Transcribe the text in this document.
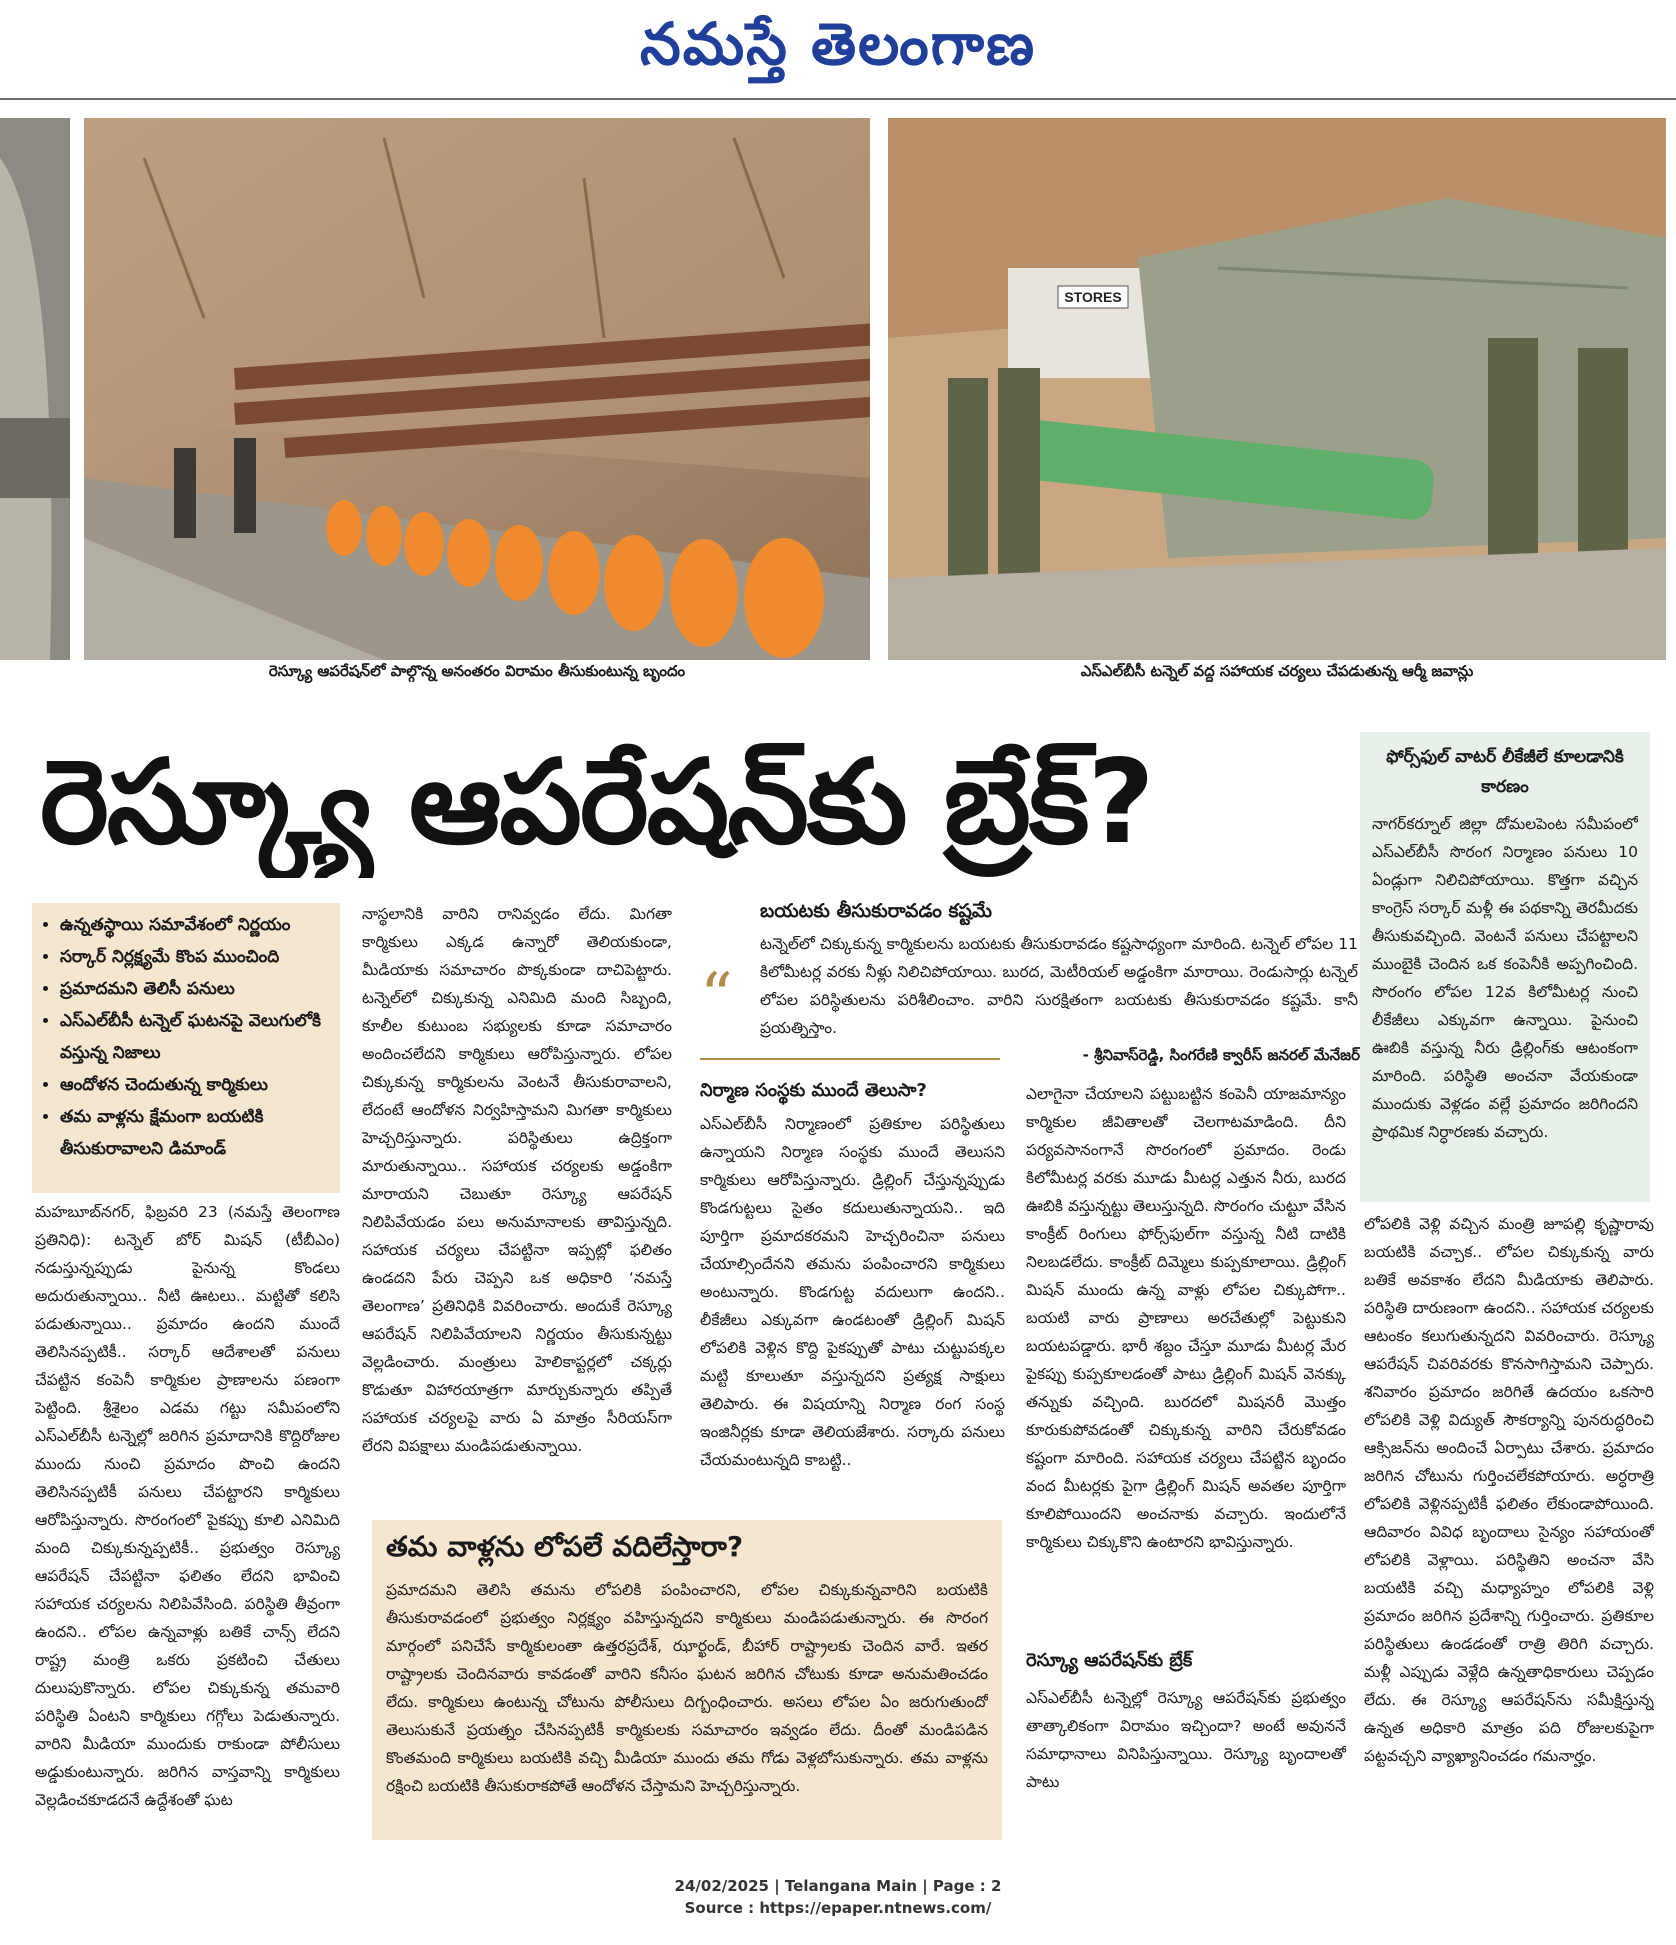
నమస్తే తెలంగాణ
STORES
రెస్క్యూ ఆపరేషన్‌లో పాల్గొన్న అనంతరం విరామం తీసుకుంటున్న బృందం	ఎస్‌ఎల్‌బీసీ టన్నెల్ వద్ద సహాయక చర్యలు చేపడుతున్న ఆర్మీ జవాన్లు
రెస్క్యూ ఆపరేషన్‌కు బ్రేక్?
• ఉన్నతస్థాయి సమావేశంలో నిర్ణయం
• సర్కార్ నిర్లక్ష్యమే కొంప ముంచింది
• ప్రమాదమని తెలిసీ పనులు
• ఎస్‌ఎల్‌బీసీ టన్నెల్ ఘటనపై వెలుగులోకి వస్తున్న నిజాలు
• ఆందోళన చెందుతున్న కార్మికులు
• తమ వాళ్లను క్షేమంగా బయటికి తీసుకురావాలని డిమాండ్

మహబూబ్‌నగర్, ఫిబ్రవరి 23 (నమస్తే తెలంగాణ ప్రతినిధి): టన్నెల్ బోర్ మిషన్ (టీబీఎం) నడుస్తున్నప్పుడు పైనున్న కొండలు అదురుతున్నాయి.. నీటి ఊటలు.. మట్టితో కలిసి పడుతున్నాయి.. ప్రమాదం ఉందని ముందే తెలిసినప్పటికీ.. సర్కార్ ఆదేశాలతో పనులు చేపట్టిన కంపెనీ కార్మికుల ప్రాణాలను పణంగా పెట్టింది. శ్రీశైలం ఎడమ గట్టు సమీపంలోని ఎస్‌ఎల్‌బీసీ టన్నెల్లో జరిగిన ప్రమాదానికి కొద్దిరోజుల ముందు నుంచి ప్రమాదం పొంచి ఉందని తెలిసినప్పటికీ పనులు చేపట్టారని కార్మికులు ఆరోపిస్తున్నారు. సొరంగంలో పైకప్పు కూలి ఎనిమిది మంది చిక్కుకున్నప్పటికీ.. ప్రభుత్వం రెస్క్యూ ఆపరేషన్ చేపట్టినా ఫలితం లేదని భావించి సహాయక చర్యలను నిలిపివేసింది. పరిస్థితి తీవ్రంగా ఉందని.. లోపల ఉన్నవాళ్లు బతికే చాన్స్ లేదని రాష్ట్ర మంత్రి ఒకరు ప్రకటించి చేతులు దులుపుకొన్నారు. లోపల చిక్కుకున్న తమవారి పరిస్థితి ఏంటని కార్మికులు గగ్గోలు పెడుతున్నారు. వారిని మీడియా ముందుకు రాకుండా పోలీసులు అడ్డుకుంటున్నారు. జరిగిన వాస్తవాన్ని కార్మికులు వెల్లడించకూడదనే ఉద్దేశంతో ఘట

నాస్థలానికి వారిని రానివ్వడం లేదు. మిగతా కార్మికులు ఎక్కడ ఉన్నారో తెలియకుండా, మీడియాకు సమాచారం పొక్కకుండా దాచిపెట్టారు. టన్నెల్‌లో చిక్కుకున్న ఎనిమిది మంది సిబ్బంది, కూలీల కుటుంబ సభ్యులకు కూడా సమాచారం అందించలేదని కార్మికులు ఆరోపిస్తున్నారు. లోపల చిక్కుకున్న కార్మికులను వెంటనే తీసుకురావాలని, లేదంటే ఆందోళన నిర్వహిస్తామని మిగతా కార్మికులు హెచ్చరిస్తున్నారు. పరిస్థితులు ఉద్రిక్తంగా మారుతున్నాయి.. సహాయక చర్యలకు అడ్డంకిగా మారాయని చెబుతూ రెస్క్యూ ఆపరేషన్ నిలిపివేయడం పలు అనుమానాలకు తావిస్తున్నది. సహాయక చర్యలు చేపట్టినా ఇప్పట్లో ఫలితం ఉండదని పేరు చెప్పని ఒక అధికారి ‘నమస్తే తెలంగాణ’ ప్రతినిధికి వివరించారు. అందుకే రెస్క్యూ ఆపరేషన్ నిలిపివేయాలని నిర్ణయం తీసుకున్నట్టు వెల్లడించారు. మంత్రులు హెలికాప్టర్లలో చక్కర్లు కొడుతూ విహారయాత్రగా మార్చుకున్నారు తప్పితే సహాయక చర్యలపై వారు ఏ మాత్రం సీరియస్‌గా లేరని విపక్షాలు మండిపడుతున్నాయి.

“
బయటకు తీసుకురావడం కష్టమే

టన్నెల్‌లో చిక్కుకున్న కార్మికులను బయటకు తీసుకురావడం కష్టసాధ్యంగా మారింది. టన్నెల్ లోపల 11 కిలోమీటర్ల వరకు నీళ్లు నిలిచిపోయాయి. బురద, మెటీరియల్ అడ్డంకిగా మారాయి. రెండుసార్లు టన్నెల్ లోపల పరిస్థితులను పరిశీలించాం. వారిని సురక్షితంగా బయటకు తీసుకురావడం కష్టమే. కానీ ప్రయత్నిస్తాం.

- శ్రీనివాస్‌రెడ్డి, సింగరేణి క్వారీస్ జనరల్ మేనేజర్
నిర్మాణ సంస్థకు ముందే తెలుసా?

ఎస్‌ఎల్‌బీసీ నిర్మాణంలో ప్రతికూల పరిస్థితులు ఉన్నాయని నిర్మాణ సంస్థకు ముందే తెలుసని కార్మికులు ఆరోపిస్తున్నారు. డ్రిల్లింగ్ చేస్తున్నప్పుడు కొండగుట్టలు సైతం కదులుతున్నాయని.. ఇది పూర్తిగా ప్రమాదకరమని హెచ్చరించినా పనులు చేయాల్సిందేనని తమను పంపించారని కార్మికులు అంటున్నారు. కొండగుట్ట వదులుగా ఉందని.. లీకేజీలు ఎక్కువగా ఉండటంతో డ్రిల్లింగ్ మిషన్ లోపలికి వెళ్లిన కొద్ది పైకప్పుతో పాటు చుట్టుపక్కల మట్టి కూలుతూ వస్తున్నదని ప్రత్యక్ష సాక్షులు తెలిపారు. ఈ విషయాన్ని నిర్మాణ రంగ సంస్థ ఇంజినీర్లకు కూడా తెలియజేశారు. సర్కారు పనులు చేయమంటున్నది కాబట్టి..

ఎలాగైనా చేయాలని పట్టుబట్టిన కంపెనీ యాజమాన్యం కార్మికుల జీవితాలతో చెలగాటమాడింది. దీని పర్యవసానంగానే సొరంగంలో ప్రమాదం. రెండు కిలోమీటర్ల వరకు మూడు మీటర్ల ఎత్తున నీరు, బురద ఊబికి వస్తున్నట్టు తెలుస్తున్నది. సొరంగం చుట్టూ వేసిన కాంక్రీట్ రింగులు ఫోర్స్‌ఫుల్‌గా వస్తున్న నీటి దాటికి నిలబడలేదు. కాంక్రీట్ దిమ్మెలు కుప్పకూలాయి. డ్రిల్లింగ్ మిషన్ ముందు ఉన్న వాళ్లు లోపల చిక్కుపోగా.. బయటి వారు ప్రాణాలు అరచేతుల్లో పెట్టుకుని బయటపడ్డారు. భారీ శబ్దం చేస్తూ మూడు మీటర్ల మేర పైకప్పు కుప్పకూలడంతో పాటు డ్రిల్లింగ్ మిషన్ వెనక్కు తన్నుకు వచ్చింది. బురదలో మిషనరీ మొత్తం కూరుకుపోవడంతో చిక్కుకున్న వారిని చేరుకోవడం కష్టంగా మారింది. సహాయక చర్యలు చేపట్టిన బృందం వంద మీటర్లకు పైగా డ్రిల్లింగ్ మిషన్ అవతల పూర్తిగా కూలిపోయిందని అంచనాకు వచ్చారు. ఇందులోనే కార్మికులు చిక్కుకొని ఉంటారని భావిస్తున్నారు.

రెస్క్యూ ఆపరేషన్‌కు బ్రేక్

ఎస్‌ఎల్‌బీసీ టన్నెల్లో రెస్క్యూ ఆపరేషన్‌కు ప్రభుత్వం తాత్కాలికంగా విరామం ఇచ్చిందా? అంటే అవుననే సమాధానాలు వినిపిస్తున్నాయి. రెస్క్యూ బృందాలతో పాటు

ఫోర్స్‌ఫుల్ వాటర్ లీకేజీలే కూలడానికి కారణం

నాగర్‌కర్నూల్ జిల్లా దోమలపెంట సమీపంలో ఎస్‌ఎల్‌బీసీ సొరంగ నిర్మాణం పనులు 10 ఏండ్లుగా నిలిచిపోయాయి. కొత్తగా వచ్చిన కాంగ్రెస్ సర్కార్ మళ్లీ ఈ పథకాన్ని తెరమీదకు తీసుకువచ్చింది. వెంటనే పనులు చేపట్టాలని ముంబైకి చెందిన ఒక కంపెనీకి అప్పగించింది. సొరంగం లోపల 12వ కిలోమీటర్ల నుంచి లీకేజీలు ఎక్కువగా ఉన్నాయి. పైనుంచి ఊబికి వస్తున్న నీరు డ్రిల్లింగ్‌కు ఆటంకంగా మారింది. పరిస్థితి అంచనా వేయకుండా ముందుకు వెళ్లడం వల్లే ప్రమాదం జరిగిందని ప్రాథమిక నిర్ధారణకు వచ్చారు.

లోపలికి వెళ్లి వచ్చిన మంత్రి జూపల్లి కృష్ణారావు బయటికి వచ్చాక.. లోపల చిక్కుకున్న వారు బతికే అవకాశం లేదని మీడియాకు తెలిపారు. పరిస్థితి దారుణంగా ఉందని.. సహాయక చర్యలకు ఆటంకం కలుగుతున్నదని వివరించారు. రెస్క్యూ ఆపరేషన్ చివరివరకు కొనసాగిస్తామని చెప్పారు. శనివారం ప్రమాదం జరిగితే ఉదయం ఒకసారి లోపలికి వెళ్లి విద్యుత్ సౌకర్యాన్ని పునరుద్ధరించి ఆక్సిజన్‌ను అందించే ఏర్పాటు చేశారు. ప్రమాదం జరిగిన చోటును గుర్తించలేకపోయారు. అర్ధరాత్రి లోపలికి వెళ్లినప్పటికీ ఫలితం లేకుండాపోయింది. ఆదివారం వివిధ బృందాలు సైన్యం సహాయంతో లోపలికి వెళ్లాయి. పరిస్థితిని అంచనా వేసి బయటికి వచ్చి మధ్యాహ్నం లోపలికి వెళ్లి ప్రమాదం జరిగిన ప్రదేశాన్ని గుర్తించారు. ప్రతికూల పరిస్థితులు ఉండడంతో రాత్రి తిరిగి వచ్చారు. మళ్లీ ఎప్పుడు వెళ్లేది ఉన్నతాధికారులు చెప్పడం లేదు. ఈ రెస్క్యూ ఆపరేషన్‌ను సమీక్షిస్తున్న ఉన్నత అధికారి మాత్రం పది రోజులకుపైగా పట్టవచ్చని వ్యాఖ్యానించడం గమనార్హం.

తమ వాళ్లను లోపలే వదిలేస్తారా?

ప్రమాదమని తెలిసి తమను లోపలికి పంపించారని, లోపల చిక్కుకున్నవారిని బయటికి తీసుకురావడంలో ప్రభుత్వం నిర్లక్ష్యం వహిస్తున్నదని కార్మికులు మండిపడుతున్నారు. ఈ సొరంగ మార్గంలో పనిచేసే కార్మికులంతా ఉత్తరప్రదేశ్, ఝార్ఖండ్, బీహార్ రాష్ట్రాలకు చెందిన వారే. ఇతర రాష్ట్రాలకు చెందినవారు కావడంతో వారిని కనీసం ఘటన జరిగిన చోటుకు కూడా అనుమతించడం లేదు. కార్మికులు ఉంటున్న చోటును పోలీసులు దిగ్బంధించారు. అసలు లోపల ఏం జరుగుతుందో తెలుసుకునే ప్రయత్నం చేసినప్పటికీ కార్మికులకు సమాచారం ఇవ్వడం లేదు. దీంతో మండిపడిన కొంతమంది కార్మికులు బయటికి వచ్చి మీడియా ముందు తమ గోడు వెళ్లబోసుకున్నారు. తమ వాళ్లను రక్షించి బయటికి తీసుకురాకపోతే ఆందోళన చేస్తామని హెచ్చరిస్తున్నారు.

24/02/2025 | Telangana Main | Page : 2
Source : https://epaper.ntnews.com/
